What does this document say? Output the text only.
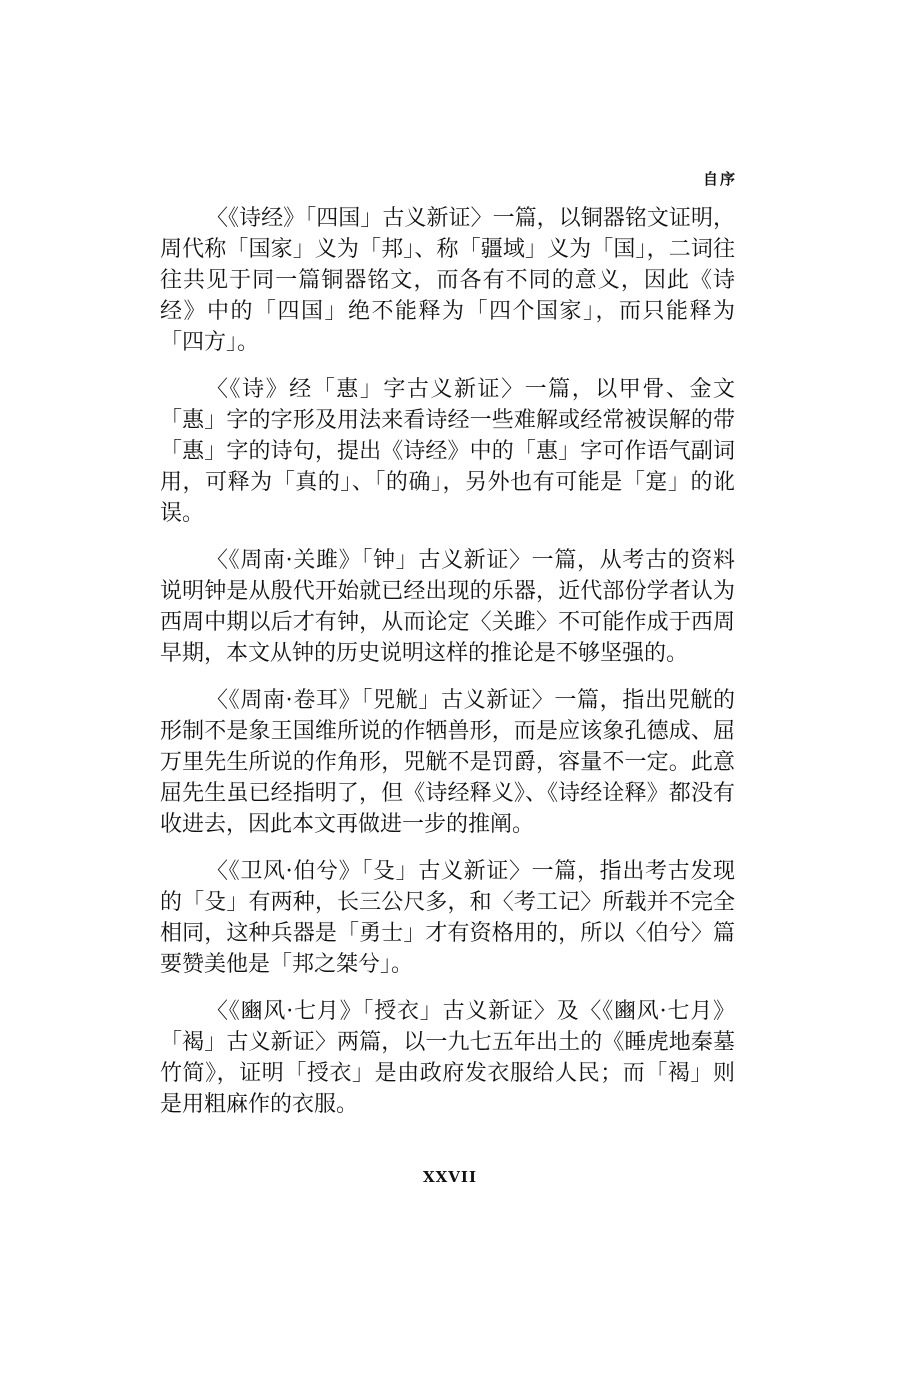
自序

〈《诗经》「四国」古义新证〉一篇，以铜器铭文证明，周代称「国家」义为「邦」、称「疆域」义为「国」，二词往往共见于同一篇铜器铭文，而各有不同的意义，因此《诗经》中的「四国」绝不能释为「四个国家」，而只能释为「四方」。

〈《诗》经「惠」字古义新证〉一篇，以甲骨、金文「惠」字的字形及用法来看诗经一些难解或经常被误解的带「惠」字的诗句，提出《诗经》中的「惠」字可作语气副词用，可释为「真的」、「的确」，另外也有可能是「寔」的讹误。

〈《周南·关雎》「钟」古义新证〉一篇，从考古的资料说明钟是从殷代开始就已经出现的乐器，近代部份学者认为西周中期以后才有钟，从而论定〈关雎〉不可能作成于西周早期，本文从钟的历史说明这样的推论是不够坚强的。

〈《周南·卷耳》「兕觥」古义新证〉一篇，指出兕觥的形制不是象王国维所说的作牺兽形，而是应该象孔德成、屈万里先生所说的作角形，兕觥不是罚爵，容量不一定。此意屈先生虽已经指明了，但《诗经释义》、《诗经诠释》都没有收进去，因此本文再做进一步的推阐。

〈《卫风·伯兮》「殳」古义新证〉一篇，指出考古发现的「殳」有两种，长三公尺多，和〈考工记〉所载并不完全相同，这种兵器是「勇士」才有资格用的，所以〈伯兮〉篇要赞美他是「邦之桀兮」。

〈《豳风·七月》「授衣」古义新证〉及〈《豳风·七月》「褐」古义新证〉两篇，以一九七五年出土的《睡虎地秦墓竹简》，证明「授衣」是由政府发衣服给人民；而「褐」则是用粗麻作的衣服。

XXVII
